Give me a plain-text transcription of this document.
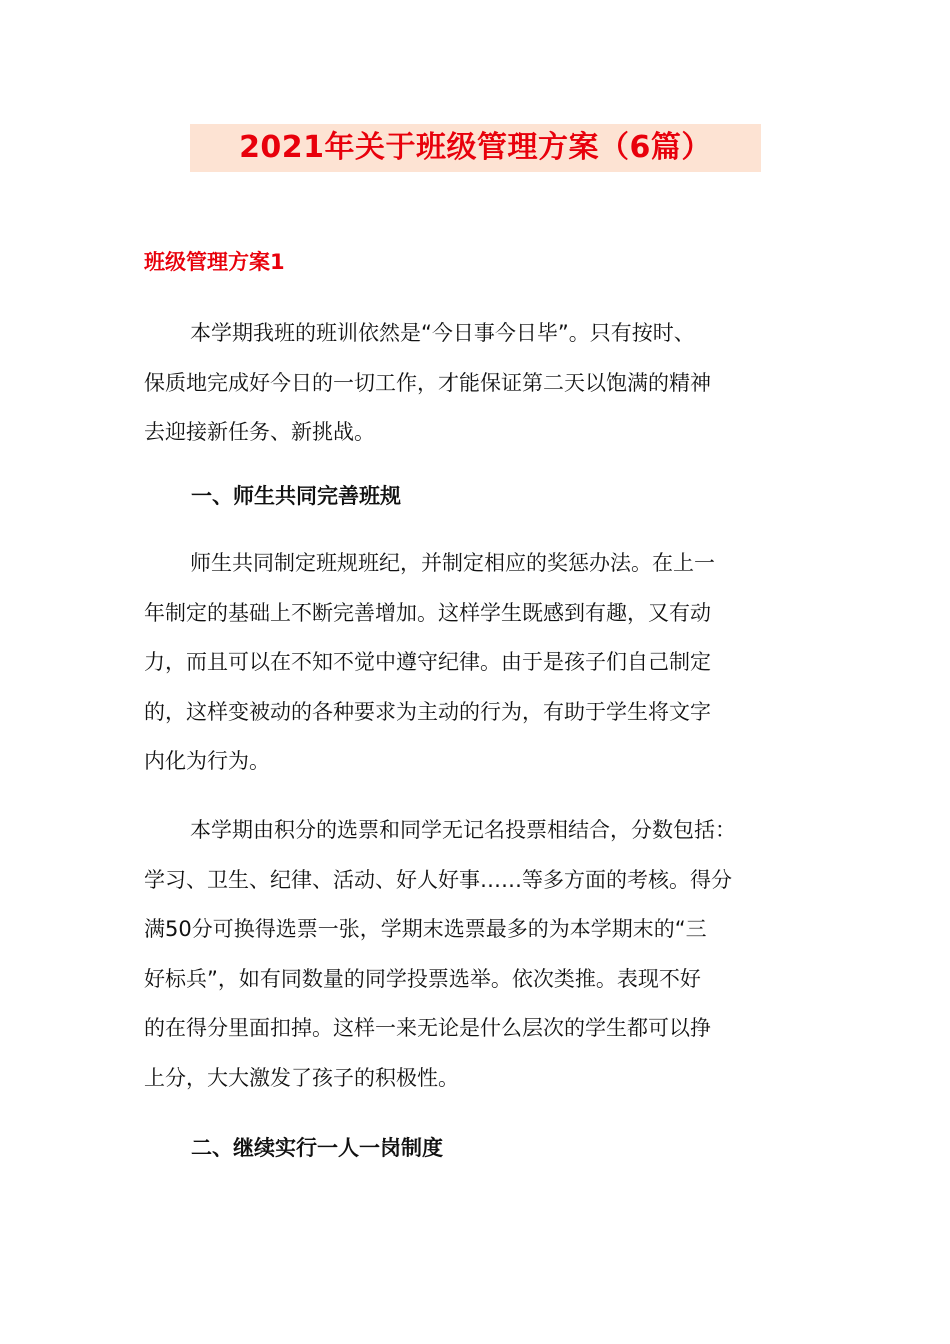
2021年关于班级管理方案（6篇）
班级管理方案1

本学期我班的班训依然是“今日事今日毕”。只有按时、
保质地完成好今日的一切工作，才能保证第二天以饱满的精神
去迎接新任务、新挑战。

一、师生共同完善班规

师生共同制定班规班纪，并制定相应的奖惩办法。在上一
年制定的基础上不断完善增加。这样学生既感到有趣，又有动
力，而且可以在不知不觉中遵守纪律。由于是孩子们自己制定
的，这样变被动的各种要求为主动的行为，有助于学生将文字
内化为行为。

本学期由积分的选票和同学无记名投票相结合，分数包括：
学习、卫生、纪律、活动、好人好事……等多方面的考核。得分
满50分可换得选票一张，学期末选票最多的为本学期末的“三
好标兵”，如有同数量的同学投票选举。依次类推。表现不好
的在得分里面扣掉。这样一来无论是什么层次的学生都可以挣
上分，大大激发了孩子的积极性。

二、继续实行一人一岗制度
